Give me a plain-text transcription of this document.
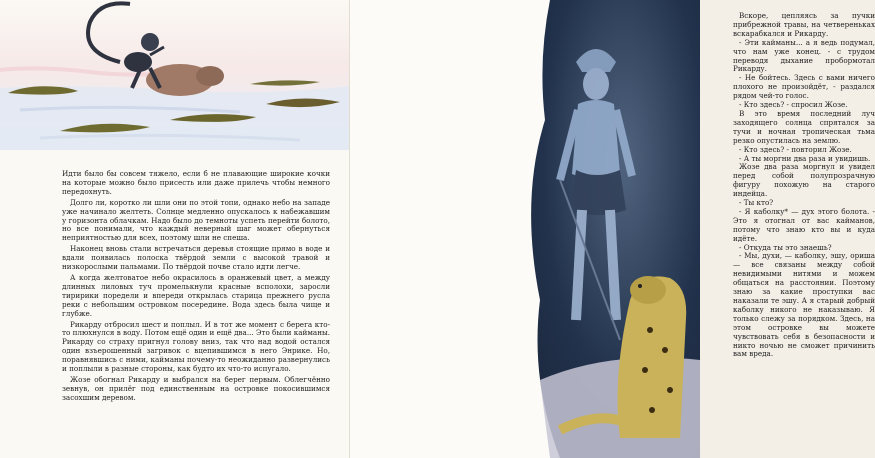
Идти было бы совсем тяжело, если б не плавающие широкие кочки на которые можно было присесть или даже прилечь чтобы немного передохнуть.

Долго ли, коротко ли шли они по этой топи, однако небо на западе уже начинало желтеть. Солнце медленно опускалось к набежавшим у горизонта облачкам. Надо было до темноты успеть перейти болото, но все понимали, что каждый неверный шаг может обернуться неприятностью для всех, поэтому шли не спеша.

Наконец вновь стали встречаться деревья стоящие прямо в воде и вдали появилась полоска твёрдой земли с высокой травой и низкорослыми пальмами. По твёрдой почве стало идти легче.

А когда желтоватое небо окрасилось в оранжевый цвет, а между длинных лиловых туч промелькнули красные всполохи, заросли тиририки поредели и впереди открылась старица прежнего русла реки с небольшим островком посередине. Вода здесь была чище и глубже.

Рикарду отбросил шест и поплыл. И в тот же момент с берега кто-то плюхнулся в воду. Потом ещё один и ещё два... Это были кайманы. Рикарду со страху пригнул голову вниз, так что над водой остался один взъерошенный загривок с вцепившимся в него Энрике. Но, поравнявшись с ними, кайманы почему-то неожиданно развернулись и поплыли в разные стороны, как будто их что-то испугало.

Жозе обогнал Рикарду и выбрался на берег первым. Облегчённо зевнув, он прилёг под единственным на островке покосившимся засохшим деревом.

Вскоре, цепляясь за пучки прибрежной травы, на четвереньках вскарабкался и Рикарду.

- Эти кайманы... а я ведь подумал, что нам уже конец. - с трудом переводя дыхание пробормотал Рикарду.

- Не бойтесь. Здесь с вами ничего плохого не произойдёт, - раздался рядом чей-то голос.

- Кто здесь? - спросил Жозе.

В это время последний луч заходящего солнца спрятался за тучи и ночная тропическая тьма резко опустилась на землю.

- Кто здесь? - повторил Жозе.

- А ты моргни два раза и увидишь.

Жозе два раза моргнул и увидел перед собой полупрозрачную фигуру похожую на старого индейца.

- Ты кто?

- Я каболку* — дух этого болота. - Это я отогнал от вас кайманов, потому что знаю кто вы и куда идёте.

- Откуда ты это знаешь?

- Мы, духи, — каболку, эшу, ориша — все связаны между собой невидимыми нитями и можем общаться на расстоянии. Поэтому знаю за какие проступки вас наказали те эшу. А я старый добрый каболку никого не наказываю. Я только слежу за порядком. Здесь, на этом островке вы можете чувствовать себя в безопасности и никто ночью не сможет причинить вам вреда.
